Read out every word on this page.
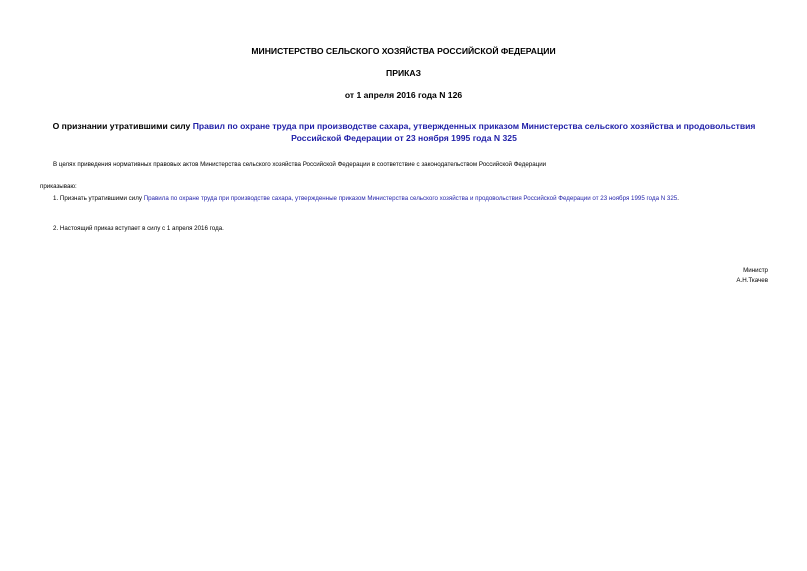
МИНИСТЕРСТВО СЕЛЬСКОГО ХОЗЯЙСТВА РОССИЙСКОЙ ФЕДЕРАЦИИ
ПРИКАЗ
от 1 апреля 2016 года N 126
О признании утратившими силу Правил по охране труда при производстве сахара, утвержденных приказом Министерства сельского хозяйства и продовольствия Российской Федерации от 23 ноября 1995 года N 325
В целях приведения нормативных правовых актов Министерства сельского хозяйства Российской Федерации в соответствие с законодательством Российской Федерации
приказываю:
1. Признать утратившими силу Правила по охране труда при производстве сахара, утвержденные приказом Министерства сельского хозяйства и продовольствия Российской Федерации от 23 ноября 1995 года N 325.
2. Настоящий приказ вступает в силу с 1 апреля 2016 года.
Министр
А.Н.Ткачев
